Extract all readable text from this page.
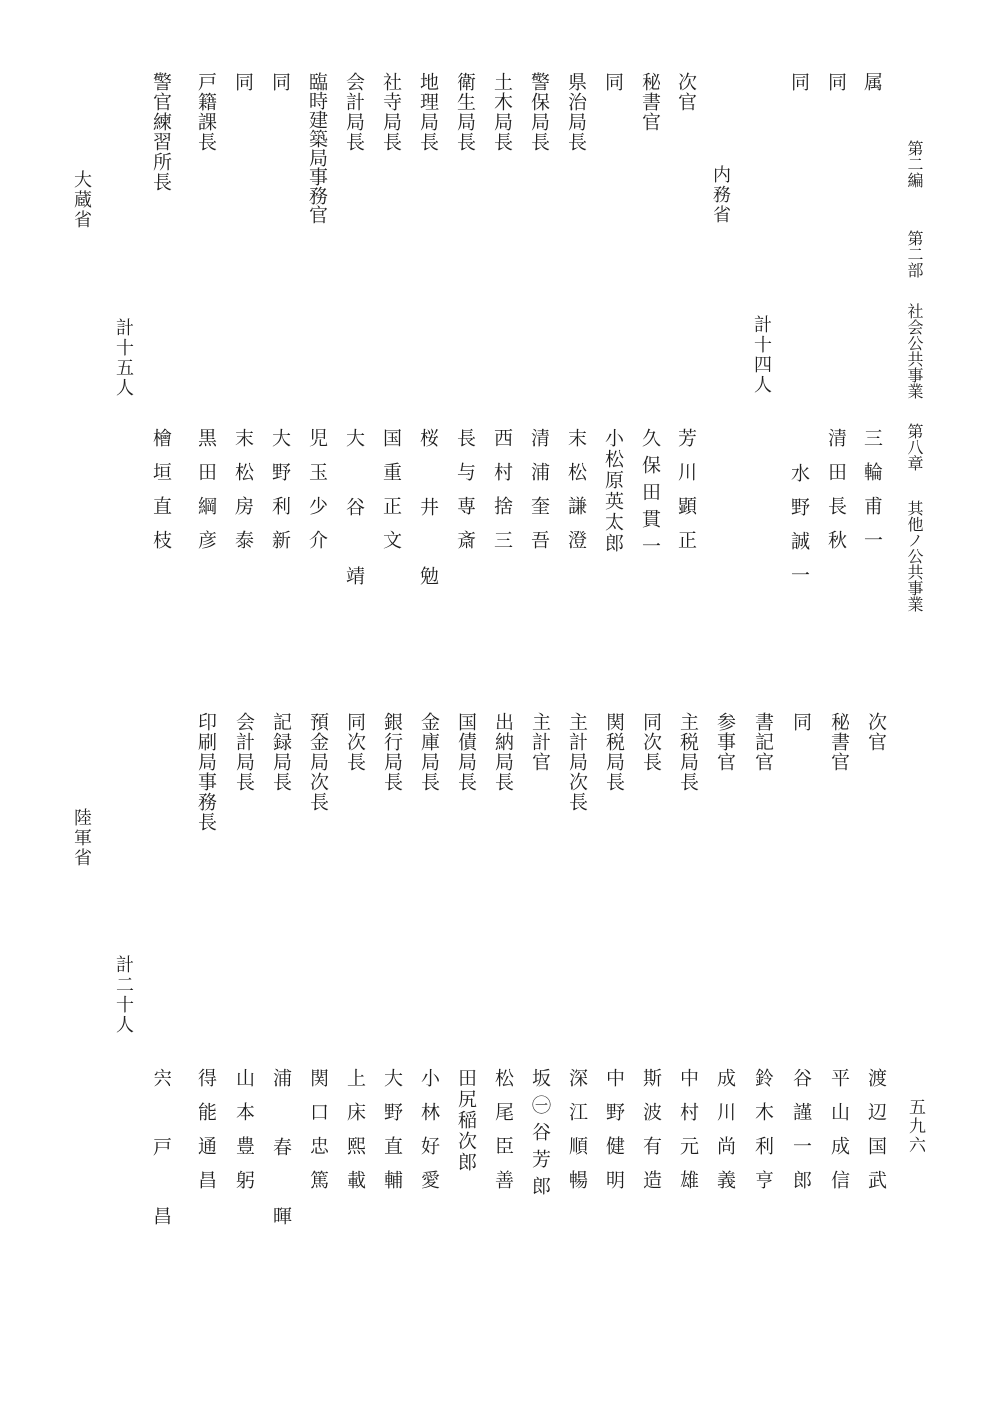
第二編
第二部
社会公共事業
第八章
其他ノ公共事業
五九六
属
同
同
内務省
次官
秘書官
同
県治局長
警保局長
土木局長
衛生局長
地理局長
社寺局長
会計局長
臨時建築局事務官
同
同
戸籍課長
警官練習所長
計十四人
計十五人
大蔵省
三輪甫一
清田長秋
水野誠一
芳川顕正
久保田貫一
小松原英太郎
末松謙澄
清浦奎吾
西村捨三
長与専斎
桜井勉
国重正文
大谷靖
児玉少介
大野利新
末松房泰
黒田綱彦
檜垣直枝
次官
秘書官
同
書記官
参事官
主税局長
同次長
関税局長
主計局次長
主計官
出納局長
国債局長
金庫局長
銀行局長
同次長
預金局次長
記録局長
会計局長
印刷局事務長
計二十人
陸軍省
渡辺国武
平山成信
谷謹一郎
鈴木利亨
成川尚義
中村元雄
斯波有造
中野健明
深江順暢
坂㊀谷芳郎
松尾臣善
田尻稲次郎
小林好愛
大野直輔
上床熙載
関口忠篤
浦春暉
山本豊躬
得能通昌
宍戸昌
